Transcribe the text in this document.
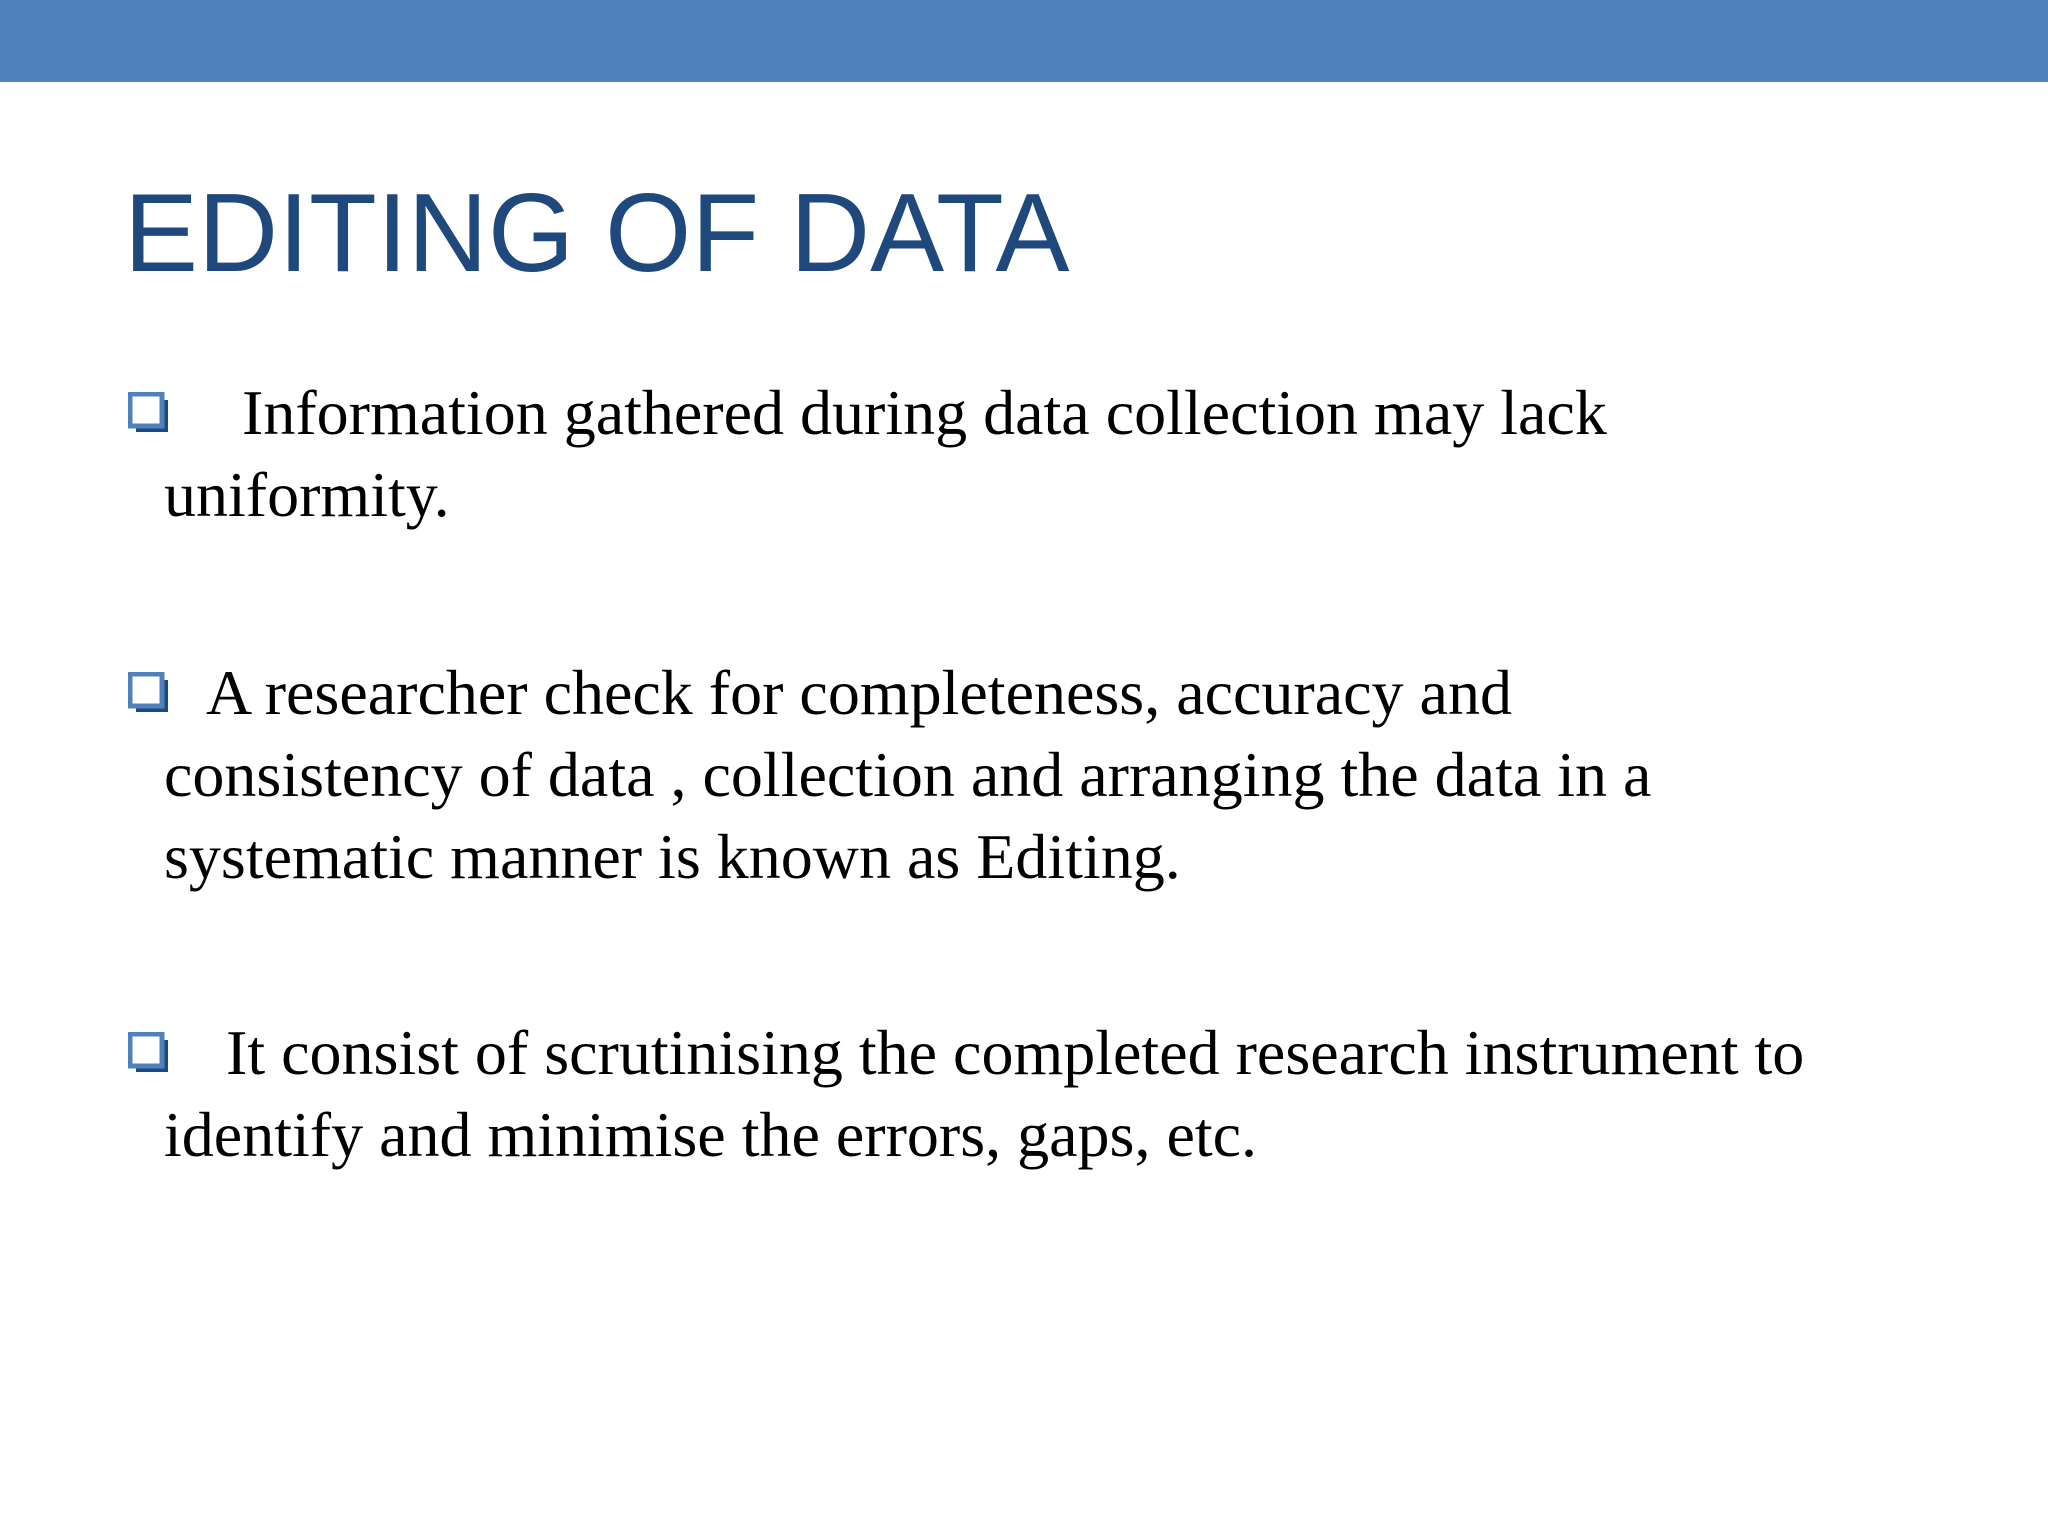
EDITING OF DATA
Information gathered during data collection may lack
uniformity.
A researcher check for completeness, accuracy and
consistency of data , collection and arranging the data in a
systematic manner is known as Editing.
It consist of scrutinising the completed research instrument to
identify and minimise the errors, gaps, etc.
